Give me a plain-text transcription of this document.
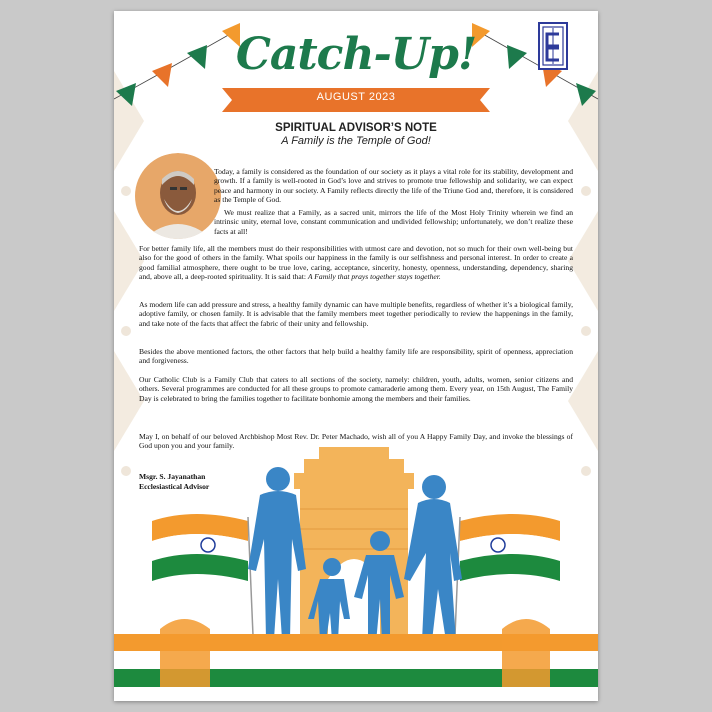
Catch-Up!
AUGUST 2023
SPIRITUAL ADVISOR’S NOTE
A Family is the Temple of God!
Today, a family is considered as the foundation of our society as it plays a vital role for its stability, development and growth. If a family is well-rooted in God’s love and strives to promote true fellowship and solidarity, we can expect peace and harmony in our society. A Family reflects directly the life of the Triune God and, therefore, it is considered as the Temple of God.
We must realize that a Family, as a sacred unit, mirrors the life of the Most Holy Trinity wherein we find an intrinsic unity, eternal love, constant communication and undivided fellowship; unfortunately, we don’t realize these facts at all!
For better family life, all the members must do their responsibilities with utmost care and devotion, not so much for their own well-being but also for the good of others in the family. What spoils our happiness in the family is our selfishness and personal interest. In order to create a good familial atmosphere, there ought to be true love, caring, acceptance, sincerity, honesty, openness, understanding, dependency, sharing and, above all, a deep-rooted spirituality. It is said that: A Family that prays together stays together.
As modern life can add pressure and stress, a healthy family dynamic can have multiple benefits, regardless of whether it’s a biological family, adoptive family, or chosen family. It is advisable that the family members meet together periodically to review the happenings in the family, and take note of the facts that affect the fabric of their unity and fellowship.
Besides the above mentioned factors, the other factors that help build a healthy family life are responsibility, spirit of openness, appreciation and forgiveness.
Our Catholic Club is a Family Club that caters to all sections of the society, namely: children, youth, adults, women, senior citizens and others. Several programmes are conducted for all these groups to promote camaraderie among them. Every year, on 15th August, The Family Day is celebrated to bring the families together to facilitate bonhomie among the members and their families.
May I, on behalf of our beloved Archbishop Most Rev. Dr. Peter Machado, wish all of you A Happy Family Day, and invoke the blessings of God upon you and your family.
Msgr. S. Jayanathan
Ecclesiastical Advisor
